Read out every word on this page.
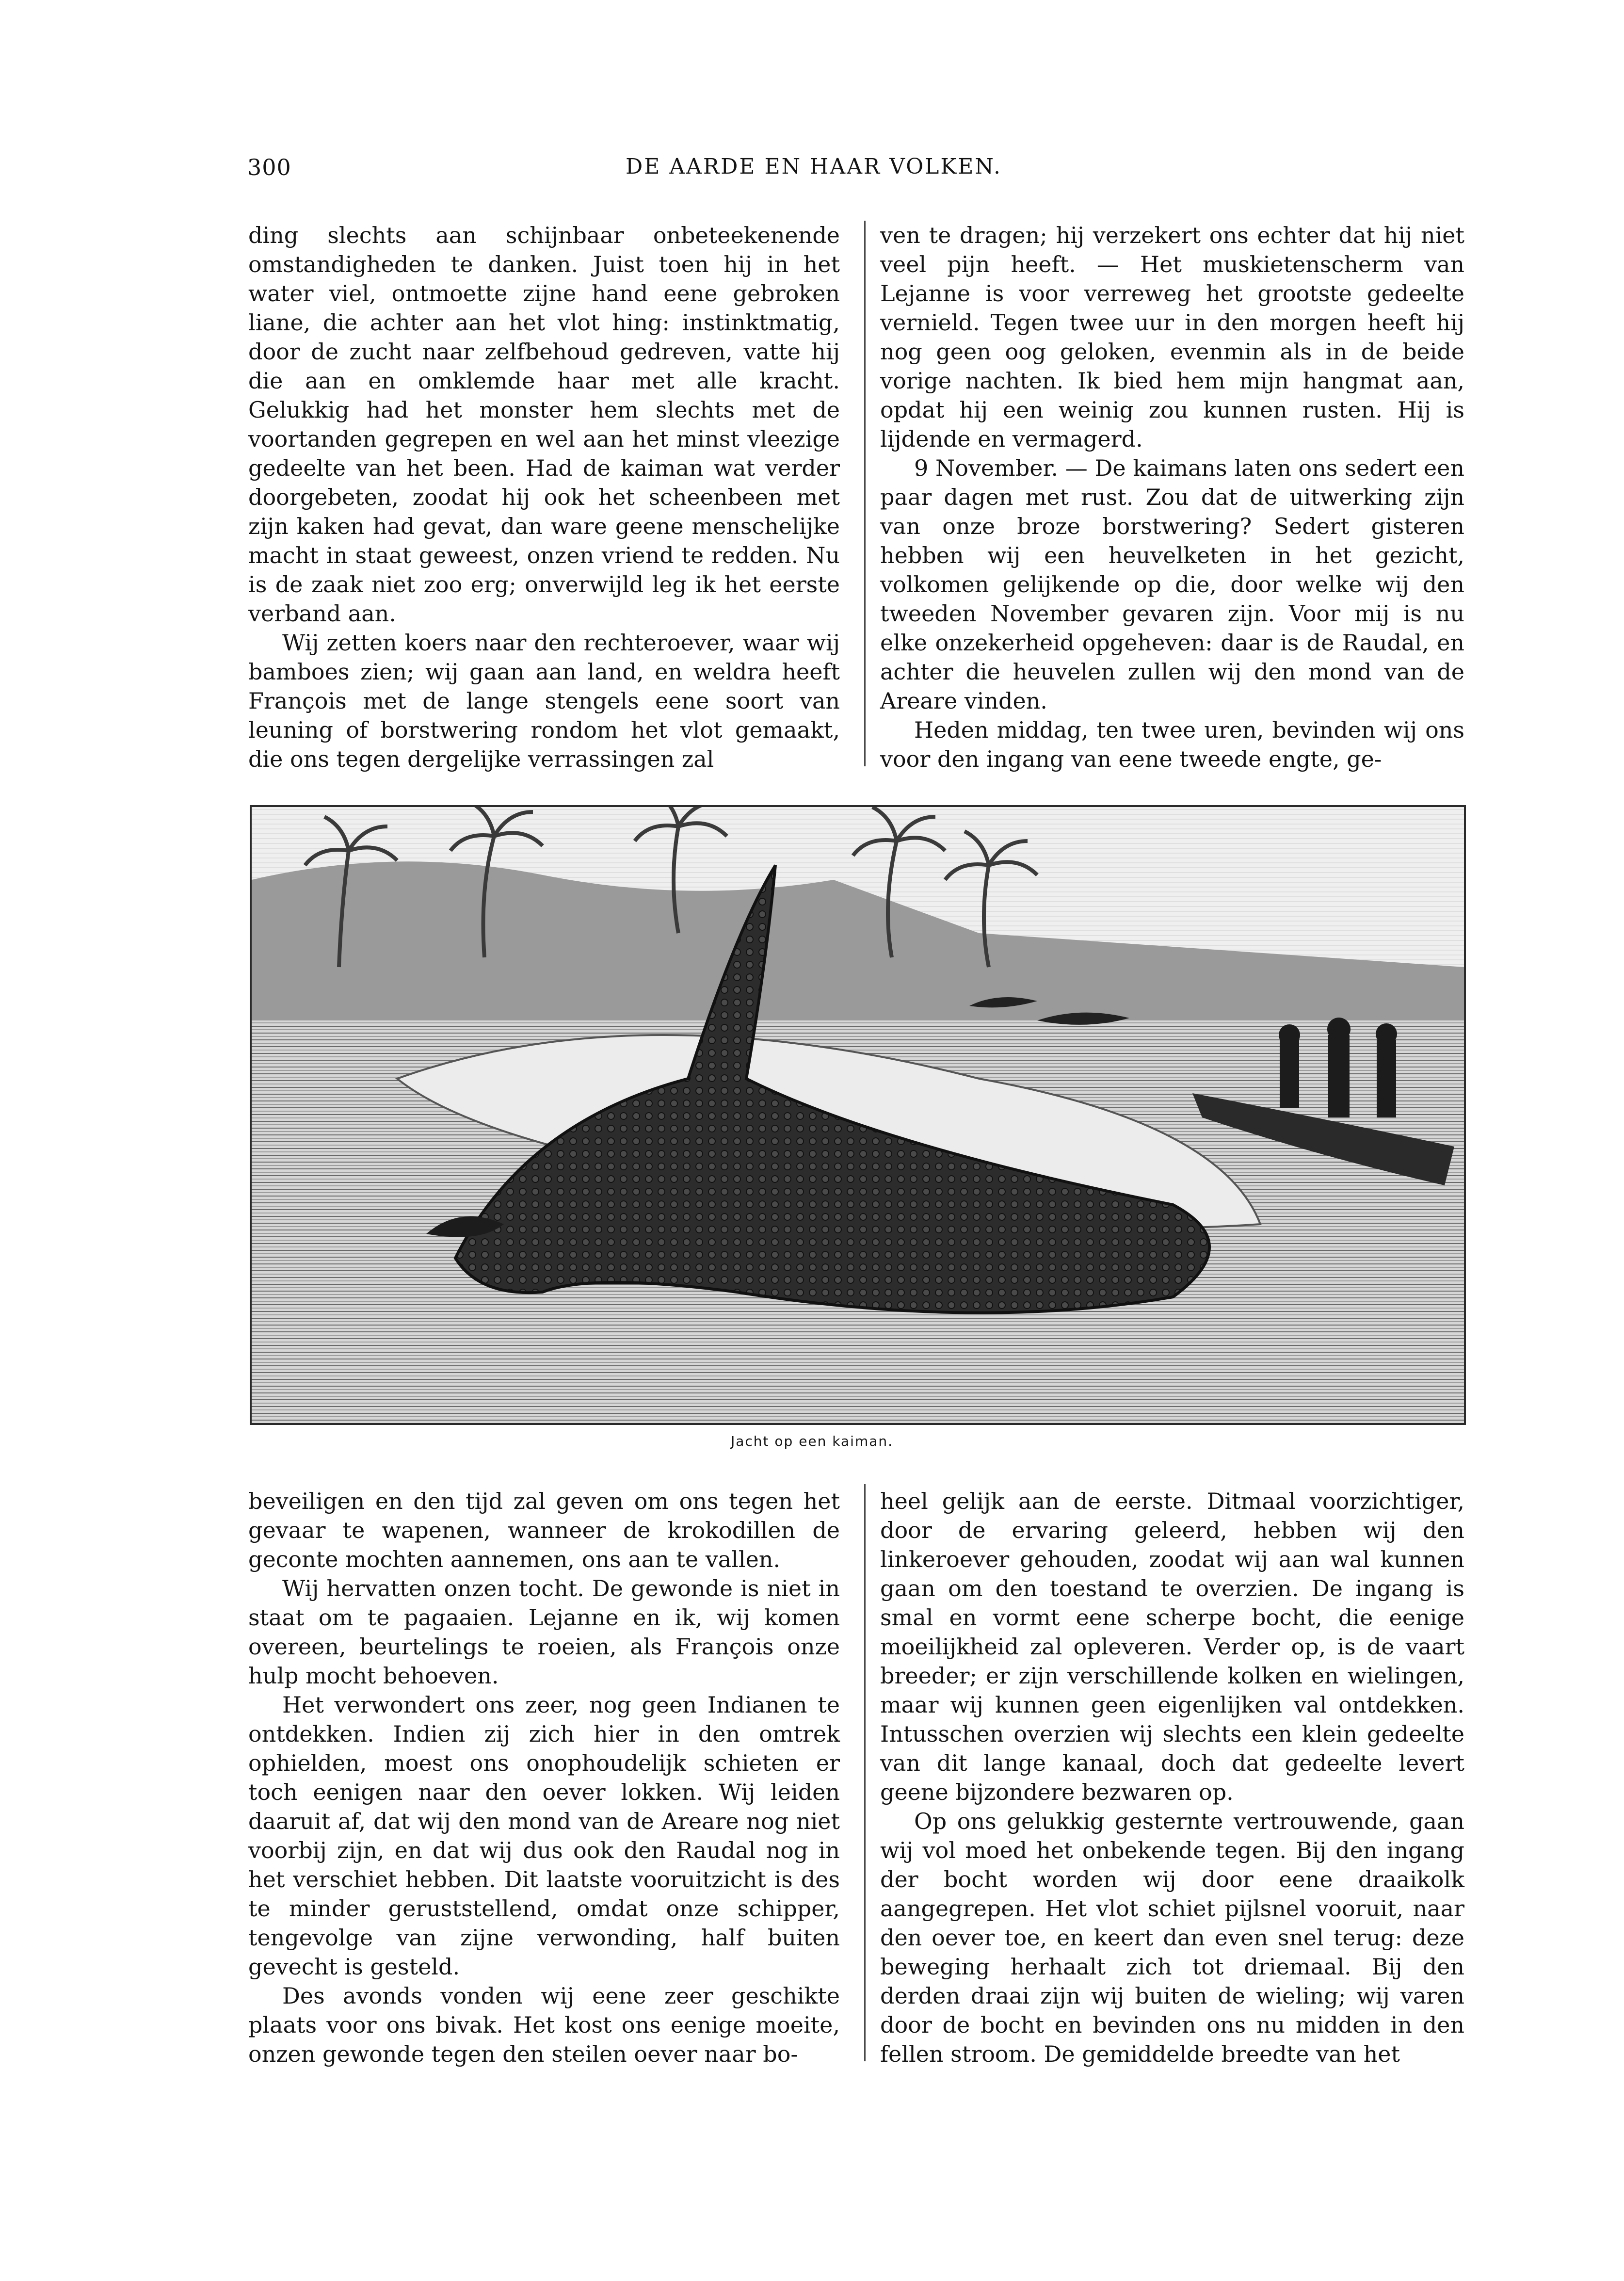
300	DE AARDE EN HAAR VOLKEN.

ding slechts aan schijnbaar onbeteekenende omstandigheden te danken. Juist toen hij in het water viel, ontmoette zijne hand eene gebroken liane, die achter aan het vlot hing: instinktmatig, door de zucht naar zelfbehoud gedreven, vatte hij die aan en omklemde haar met alle kracht. Gelukkig had het monster hem slechts met de voortanden gegrepen en wel aan het minst vleezige gedeelte van het been. Had de kaiman wat verder doorgebeten, zoodat hij ook het scheenbeen met zijn kaken had gevat, dan ware geene menschelijke macht in staat geweest, onzen vriend te redden. Nu is de zaak niet zoo erg; onverwijld leg ik het eerste verband aan.

Wij zetten koers naar den rechteroever, waar wij bamboes zien; wij gaan aan land, en weldra heeft François met de lange stengels eene soort van leuning of borstwering rondom het vlot gemaakt, die ons tegen dergelijke verrassingen zal

ven te dragen; hij verzekert ons echter dat hij niet veel pijn heeft. — Het muskietenscherm van Lejanne is voor verreweg het grootste gedeelte vernield. Tegen twee uur in den morgen heeft hij nog geen oog geloken, evenmin als in de beide vorige nachten. Ik bied hem mijn hangmat aan, opdat hij een weinig zou kunnen rusten. Hij is lijdende en vermagerd.

9 November. — De kaimans laten ons sedert een paar dagen met rust. Zou dat de uitwerking zijn van onze broze borstwering? Sedert gisteren hebben wij een heuvelketen in het gezicht, volkomen gelijkende op die, door welke wij den tweeden November gevaren zijn. Voor mij is nu elke onzekerheid opgeheven: daar is de Raudal, en achter die heuvelen zullen wij den mond van de Areare vinden.

Heden middag, ten twee uren, bevinden wij ons voor den ingang van eene tweede engte, ge-

Jacht op een kaiman.

beveiligen en den tijd zal geven om ons tegen het gevaar te wapenen, wanneer de krokodillen de geconte mochten aannemen, ons aan te vallen.

Wij hervatten onzen tocht. De gewonde is niet in staat om te pagaaien. Lejanne en ik, wij komen overeen, beurtelings te roeien, als François onze hulp mocht behoeven.

Het verwondert ons zeer, nog geen Indianen te ontdekken. Indien zij zich hier in den omtrek ophielden, moest ons onophoudelijk schieten er toch eenigen naar den oever lokken. Wij leiden daaruit af, dat wij den mond van de Areare nog niet voorbij zijn, en dat wij dus ook den Raudal nog in het verschiet hebben. Dit laatste vooruitzicht is des te minder geruststellend, omdat onze schipper, tengevolge van zijne verwonding, half buiten gevecht is gesteld.

Des avonds vonden wij eene zeer geschikte plaats voor ons bivak. Het kost ons eenige moeite, onzen gewonde tegen den steilen oever naar bo-

heel gelijk aan de eerste. Ditmaal voorzichtiger, door de ervaring geleerd, hebben wij den linkeroever gehouden, zoodat wij aan wal kunnen gaan om den toestand te overzien. De ingang is smal en vormt eene scherpe bocht, die eenige moeilijkheid zal opleveren. Verder op, is de vaart breeder; er zijn verschillende kolken en wielingen, maar wij kunnen geen eigenlijken val ontdekken. Intusschen overzien wij slechts een klein gedeelte van dit lange kanaal, doch dat gedeelte levert geene bijzondere bezwaren op.

Op ons gelukkig gesternte vertrouwende, gaan wij vol moed het onbekende tegen. Bij den ingang der bocht worden wij door eene draaikolk aangegrepen. Het vlot schiet pijlsnel vooruit, naar den oever toe, en keert dan even snel terug: deze beweging herhaalt zich tot driemaal. Bij den derden draai zijn wij buiten de wieling; wij varen door de bocht en bevinden ons nu midden in den fellen stroom. De gemiddelde breedte van het
